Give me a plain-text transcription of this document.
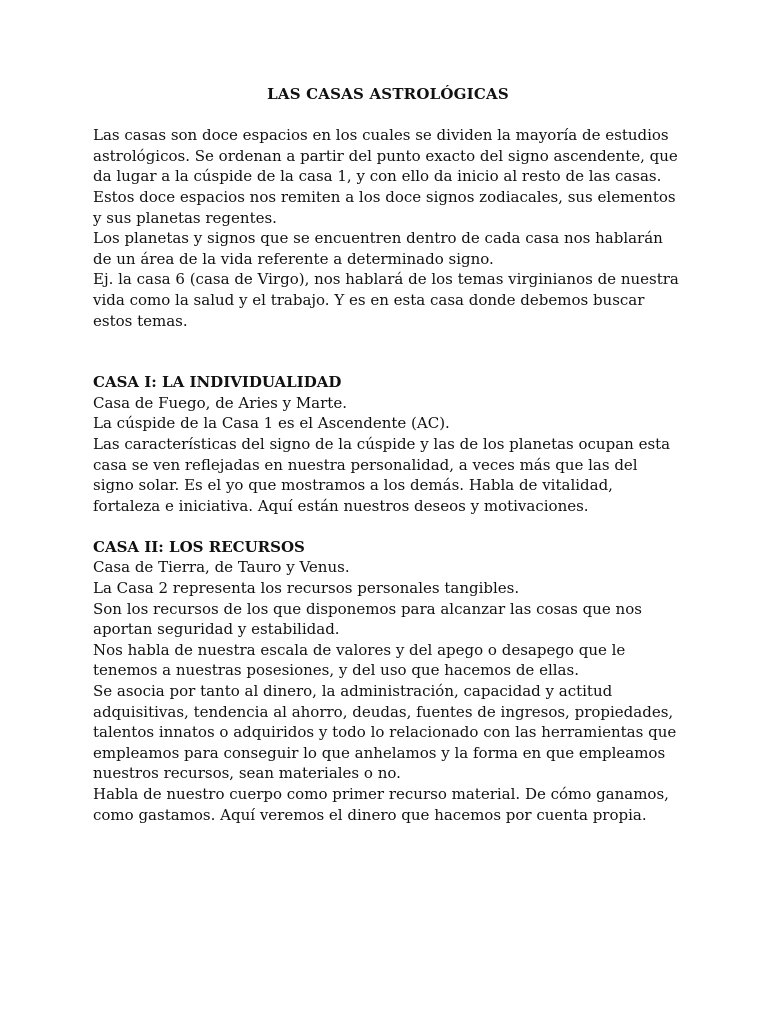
LAS CASAS ASTROLÓGICAS

Las casas son doce espacios en los cuales se dividen la mayoría de estudios astrológicos. Se ordenan a partir del punto exacto del signo ascendente, que da lugar a la cúspide de la casa 1, y con ello da inicio al resto de las casas.

Estos doce espacios nos remiten a los doce signos zodiacales, sus elementos y sus planetas regentes.

Los planetas y signos que se encuentren dentro de cada casa nos hablarán de un área de la vida referente a determinado signo.

Ej. la casa 6 (casa de Virgo), nos hablará de los temas virginianos de nuestra vida como la salud y el trabajo. Y es en esta casa donde debemos buscar estos temas.

CASA I: LA INDIVIDUALIDAD

Casa de Fuego, de Aries y Marte.

La cúspide de la Casa 1 es el Ascendente (AC).

Las características del signo de la cúspide y las de los planetas ocupan esta casa se ven reflejadas en nuestra personalidad, a veces más que las del signo solar. Es el yo que mostramos a los demás. Habla de vitalidad, fortaleza e iniciativa. Aquí están nuestros deseos y motivaciones.

CASA II: LOS RECURSOS

Casa de Tierra, de Tauro y Venus.

La Casa 2 representa los recursos personales tangibles.

Son los recursos de los que disponemos para alcanzar las cosas que nos aportan seguridad y estabilidad.

Nos habla de nuestra escala de valores y del apego o desapego que le tenemos a nuestras posesiones, y del uso que hacemos de ellas.

Se asocia por tanto al dinero, la administración, capacidad y actitud adquisitivas, tendencia al ahorro, deudas, fuentes de ingresos, propiedades, talentos innatos o adquiridos y todo lo relacionado con las herramientas que empleamos para conseguir lo que anhelamos y la forma en que empleamos nuestros recursos, sean materiales o no.

Habla de nuestro cuerpo como primer recurso material. De cómo ganamos, como gastamos. Aquí veremos el dinero que hacemos por cuenta propia.
